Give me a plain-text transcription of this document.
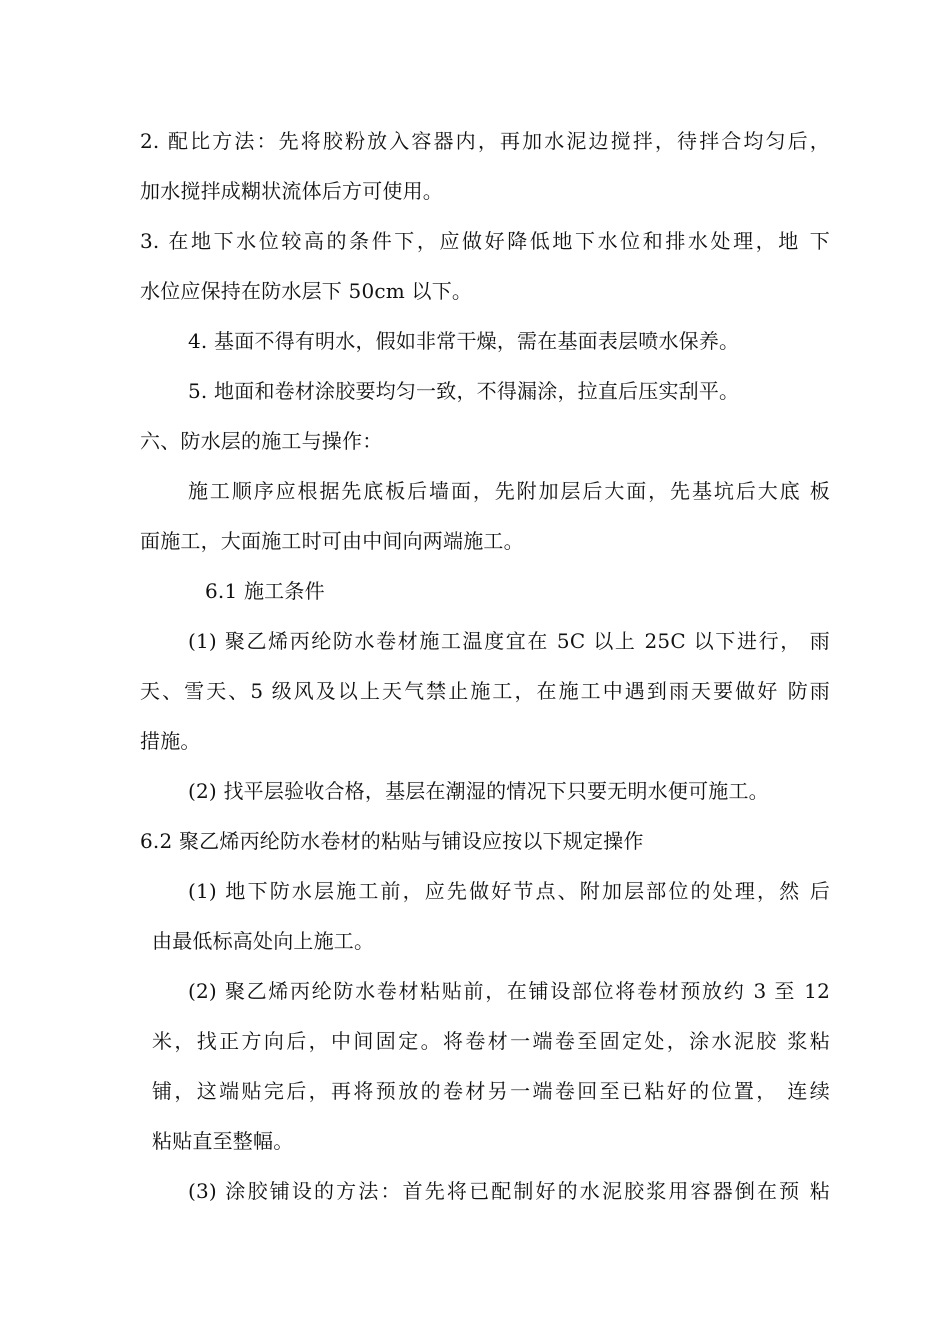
2. 配比方法：先将胶粉放入容器内，再加水泥边搅拌，待拌合均匀后，
加水搅拌成糊状流体后方可使用。
3. 在地下水位较高的条件下，应做好降低地下水位和排水处理，地 下
水位应保持在防水层下 50cm 以下。
4. 基面不得有明水，假如非常干燥，需在基面表层喷水保养。
5. 地面和卷材涂胶要均匀一致，不得漏涂，拉直后压实刮平。
六、防水层的施工与操作：
施工顺序应根据先底板后墙面，先附加层后大面，先基坑后大底 板
面施工，大面施工时可由中间向两端施工。
6.1 施工条件
(1) 聚乙烯丙纶防水卷材施工温度宜在 5C 以上 25C 以下进行， 雨
天、雪天、5 级风及以上天气禁止施工，在施工中遇到雨天要做好 防雨
措施。
(2) 找平层验收合格，基层在潮湿的情况下只要无明水便可施工。
6.2 聚乙烯丙纶防水卷材的粘贴与铺设应按以下规定操作
(1) 地下防水层施工前，应先做好节点、附加层部位的处理，然 后
由最低标高处向上施工。
(2) 聚乙烯丙纶防水卷材粘贴前，在铺设部位将卷材预放约 3 至 12
米，找正方向后，中间固定。将卷材一端卷至固定处，涂水泥胶 浆粘
铺，这端贴完后，再将预放的卷材另一端卷回至已粘好的位置， 连续
粘贴直至整幅。
(3) 涂胶铺设的方法：首先将已配制好的水泥胶浆用容器倒在预 粘
